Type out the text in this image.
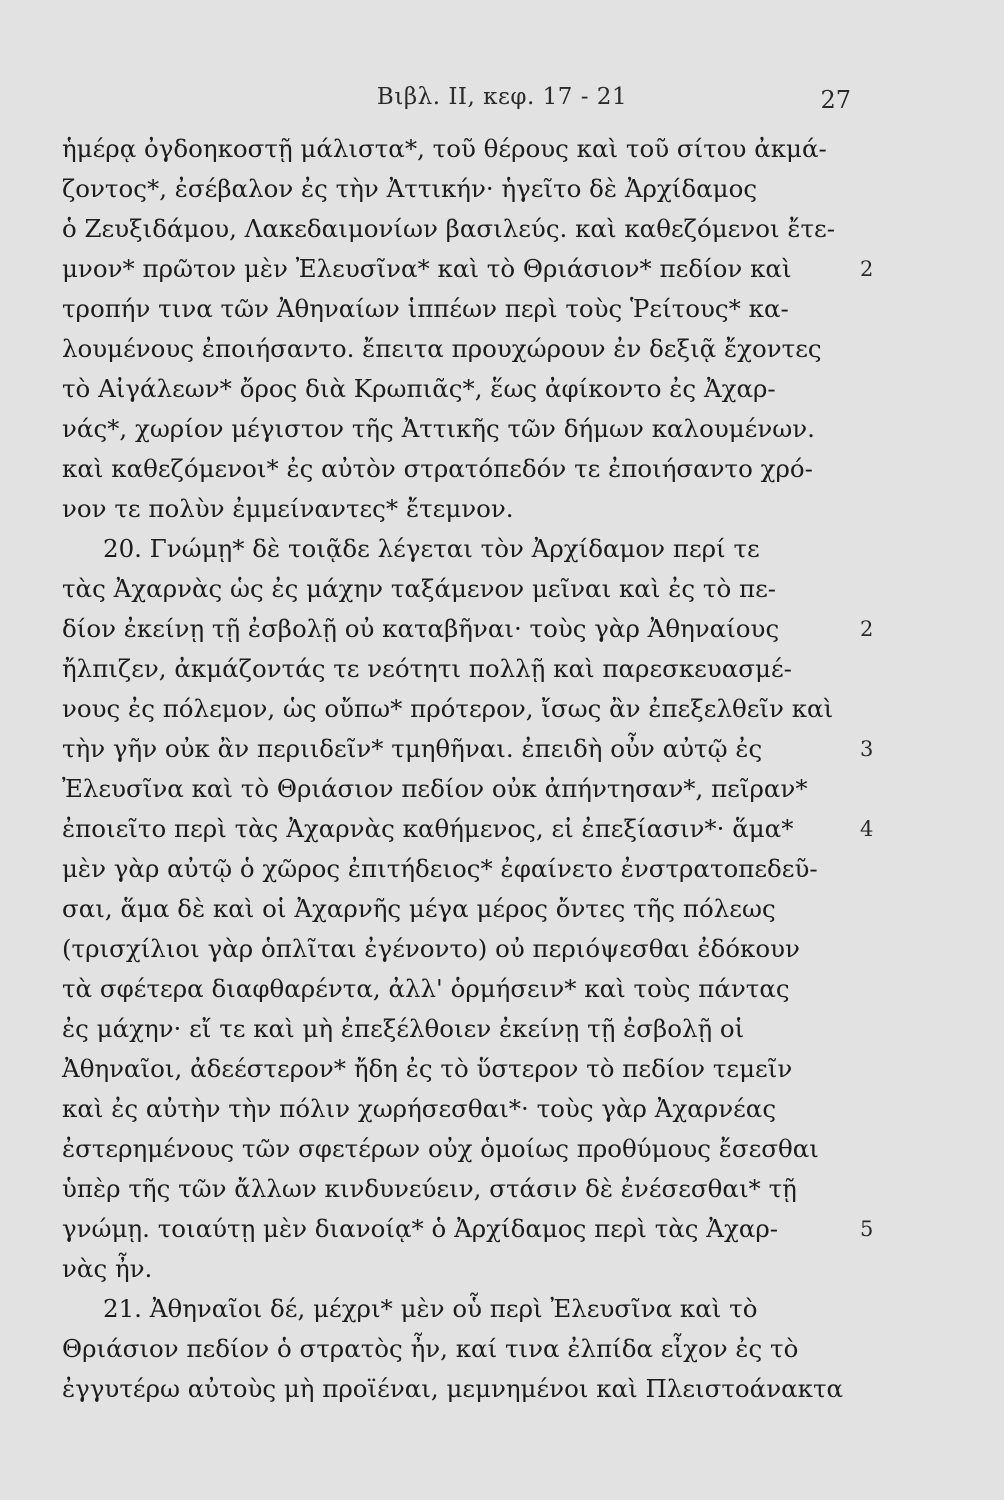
Βιβλ. II, κεφ. 17 - 21	27
ἡμέρᾳ ὀγδοηκοστῇ μάλιστα*, τοῦ θέρους καὶ τοῦ σίτου ἀκμά-
ζοντος*, ἐσέβαλον ἐς τὴν Ἀττικήν· ἡγεῖτο δὲ Ἀρχίδαμος
ὁ Ζευξιδάμου, Λακεδαιμονίων βασιλεύς. καὶ καθεζόμενοι ἔτε-
μνον* πρῶτον μὲν Ἐλευσῖνα* καὶ τὸ Θριάσιον* πεδίον καὶ
τροπήν τινα τῶν Ἀθηναίων ἱππέων περὶ τοὺς Ῥείτους* κα-
λουμένους ἐποιήσαντο. ἔπειτα προυχώρουν ἐν δεξιᾷ ἔχοντες
τὸ Αἰγάλεων* ὄρος διὰ Κρωπιᾶς*, ἕως ἀφίκοντο ἐς Ἀχαρ-
νάς*, χωρίον μέγιστον τῆς Ἀττικῆς τῶν δήμων καλουμένων.
καὶ καθεζόμενοι* ἐς αὐτὸν στρατόπεδόν τε ἐποιήσαντο χρό-
νον τε πολὺν ἐμμείναντες* ἔτεμνον.
20. Γνώμῃ* δὲ τοιᾷδε λέγεται τὸν Ἀρχίδαμον περί τε
τὰς Ἀχαρνὰς ὡς ἐς μάχην ταξάμενον μεῖναι καὶ ἐς τὸ πε-
δίον ἐκείνῃ τῇ ἐσβολῇ οὐ καταβῆναι· τοὺς γὰρ Ἀθηναίους
ἤλπιζεν, ἀκμάζοντάς τε νεότητι πολλῇ καὶ παρεσκευασμέ-
νους ἐς πόλεμον, ὡς οὔπω* πρότερον, ἴσως ἂν ἐπεξελθεῖν καὶ
τὴν γῆν οὐκ ἂν περιιδεῖν* τμηθῆναι. ἐπειδὴ οὖν αὐτῷ ἐς
Ἐλευσῖνα καὶ τὸ Θριάσιον πεδίον οὐκ ἀπήντησαν*, πεῖραν*
ἐποιεῖτο περὶ τὰς Ἀχαρνὰς καθήμενος, εἰ ἐπεξίασιν*· ἅμα*
μὲν γὰρ αὐτῷ ὁ χῶρος ἐπιτήδειος* ἐφαίνετο ἐνστρατοπεδεῦ-
σαι, ἅμα δὲ καὶ οἱ Ἀχαρνῆς μέγα μέρος ὄντες τῆς πόλεως
(τρισχίλιοι γὰρ ὁπλῖται ἐγένοντο) οὐ περιόψεσθαι ἐδόκουν
τὰ σφέτερα διαφθαρέντα, ἀλλ' ὁρμήσειν* καὶ τοὺς πάντας
ἐς μάχην· εἴ τε καὶ μὴ ἐπεξέλθοιεν ἐκείνῃ τῇ ἐσβολῇ οἱ
Ἀθηναῖοι, ἀδεέστερον* ἤδη ἐς τὸ ὕστερον τὸ πεδίον τεμεῖν
καὶ ἐς αὐτὴν τὴν πόλιν χωρήσεσθαι*· τοὺς γὰρ Ἀχαρνέας
ἐστερημένους τῶν σφετέρων οὐχ ὁμοίως προθύμους ἔσεσθαι
ὑπὲρ τῆς τῶν ἄλλων κινδυνεύειν, στάσιν δὲ ἐνέσεσθαι* τῇ
γνώμῃ. τοιαύτῃ μὲν διανοίᾳ* ὁ Ἀρχίδαμος περὶ τὰς Ἀχαρ-
νὰς ἦν.
21. Ἀθηναῖοι δέ, μέχρι* μὲν οὗ περὶ Ἐλευσῖνα καὶ τὸ
Θριάσιον πεδίον ὁ στρατὸς ἦν, καί τινα ἐλπίδα εἶχον ἐς τὸ
ἐγγυτέρω αὐτοὺς μὴ προϊέναι, μεμνημένοι καὶ Πλειστοάνακτα
2
2
3
4
5
